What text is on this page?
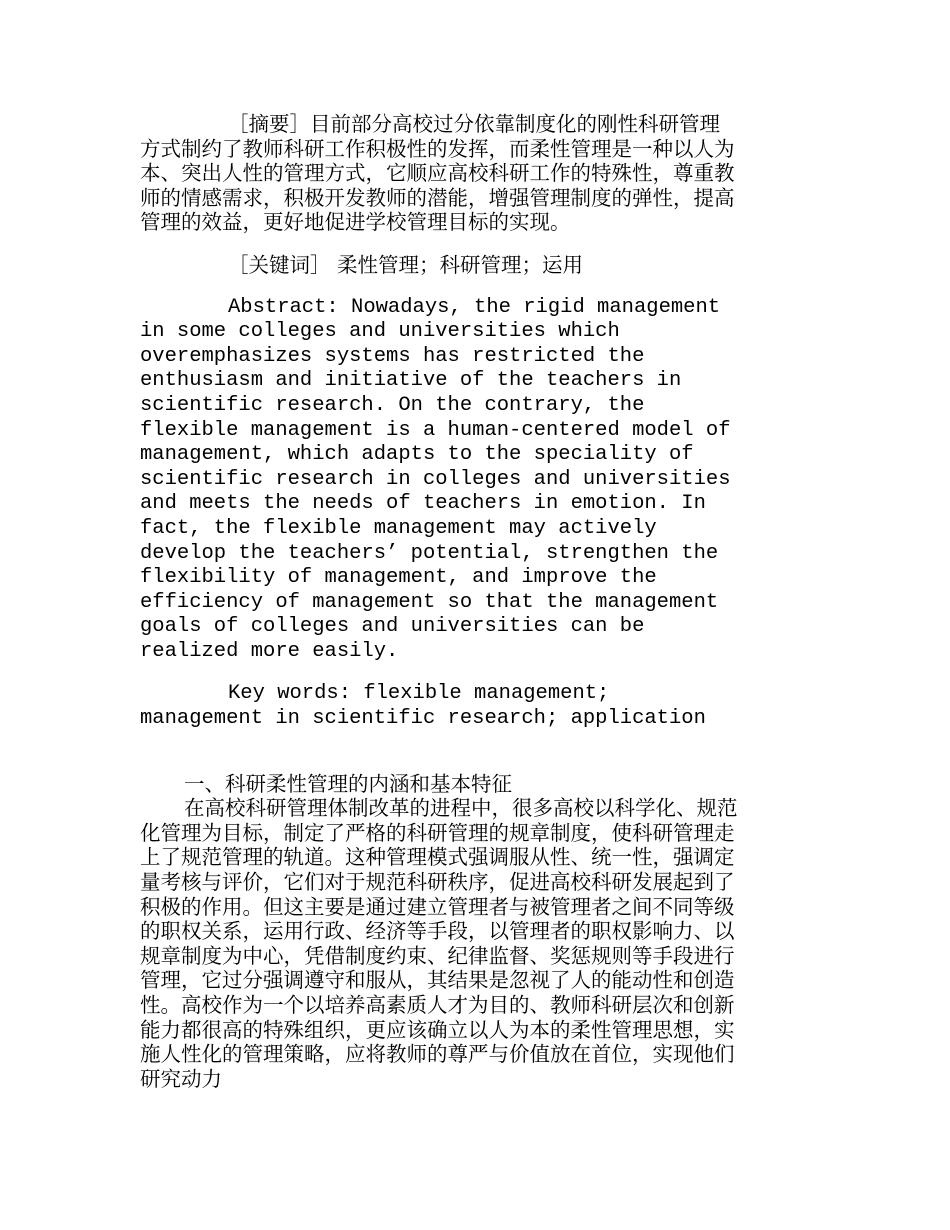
［摘要］目前部分高校过分依靠制度化的刚性科研管理方式制约了教师科研工作积极性的发挥，而柔性管理是一种以人为本、突出人性的管理方式，它顺应高校科研工作的特殊性，尊重教师的情感需求，积极开发教师的潜能，增强管理制度的弹性，提高管理的效益，更好地促进学校管理目标的实现。

［关键词］ 柔性管理；科研管理；运用

Abstract: Nowadays, the rigid management in some colleges and universities which overemphasizes systems has restricted the enthusiasm and initiative of the teachers in scientific research. On the contrary, the flexible management is a human-centered model of management, which adapts to the speciality of scientific research in colleges and universities and meets the needs of teachers in emotion. In fact, the flexible management may actively develop the teachers’ potential, strengthen the flexibility of management, and improve the efficiency of management so that the management goals of colleges and universities can be realized more easily.

Key words: flexible management; management in scientific research; application

一、科研柔性管理的内涵和基本特征

在高校科研管理体制改革的进程中，很多高校以科学化、规范化管理为目标，制定了严格的科研管理的规章制度，使科研管理走上了规范管理的轨道。这种管理模式强调服从性、统一性，强调定量考核与评价，它们对于规范科研秩序，促进高校科研发展起到了积极的作用。但这主要是通过建立管理者与被管理者之间不同等级的职权关系，运用行政、经济等手段，以管理者的职权影响力、以规章制度为中心，凭借制度约束、纪律监督、奖惩规则等手段进行管理，它过分强调遵守和服从，其结果是忽视了人的能动性和创造性。高校作为一个以培养高素质人才为目的、教师科研层次和创新能力都很高的特殊组织，更应该确立以人为本的柔性管理思想，实施人性化的管理策略，应将教师的尊严与价值放在首位，实现他们研究动力
